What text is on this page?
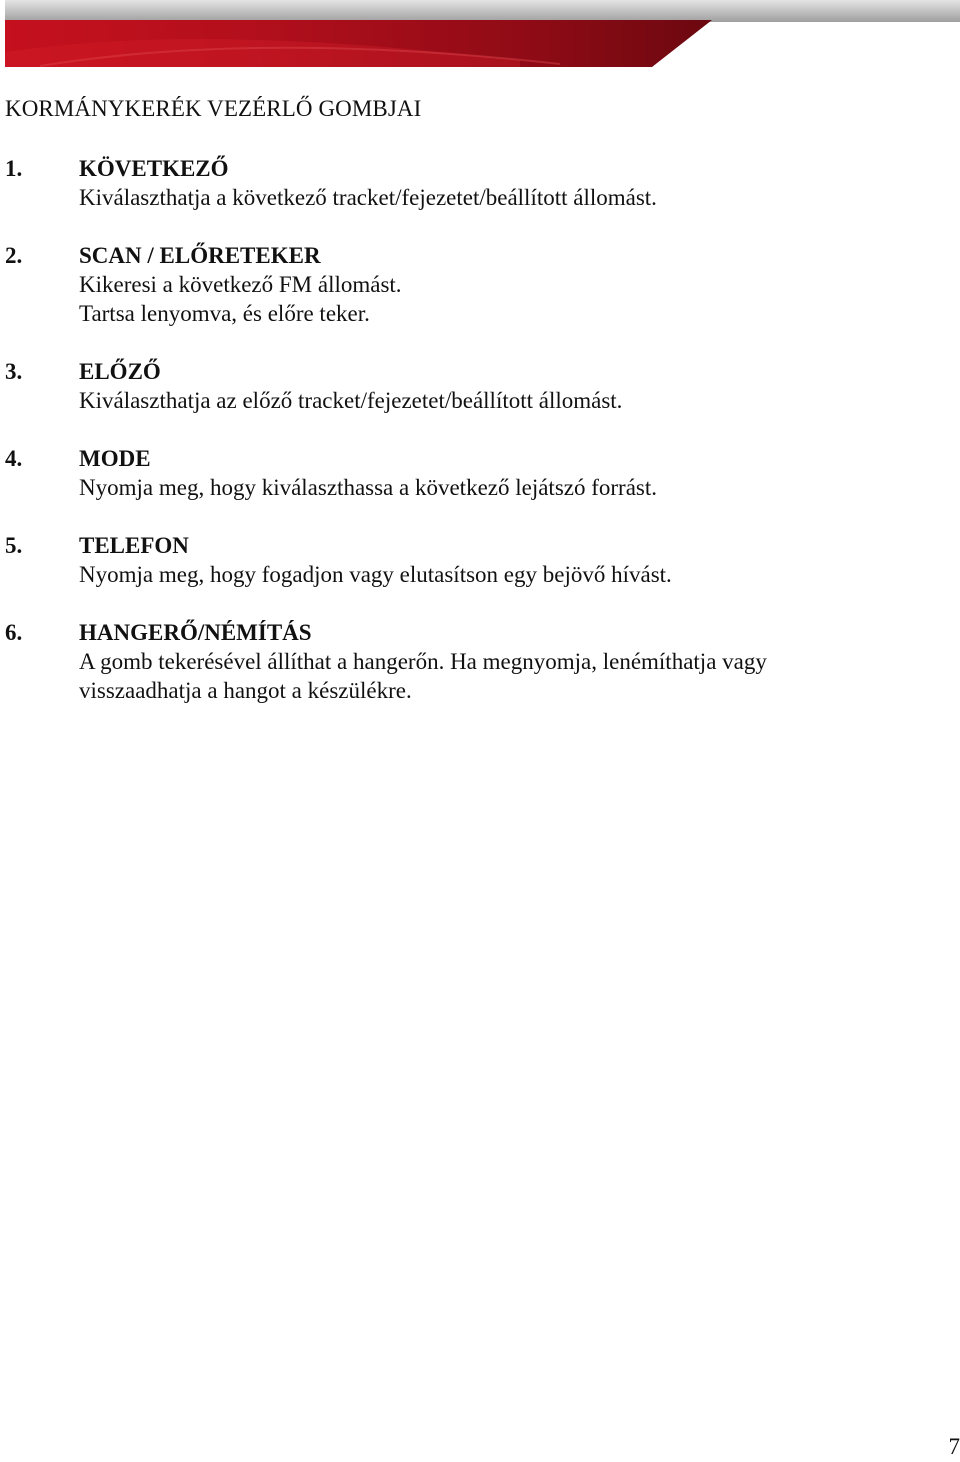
KORMÁNYKERÉK VEZÉRLŐ GOMBJAI
1. KÖVETKEZŐ
Kiválaszthatja a következő tracket/fejezetet/beállított állomást.
2. SCAN / ELŐRETEKER
Kikeresi a következő FM állomást.
Tartsa lenyomva, és előre teker.
3. ELŐZŐ
Kiválaszthatja az előző tracket/fejezetet/beállított állomást.
4. MODE
Nyomja meg, hogy kiválaszthassa a következő lejátszó forrást.
5. TELEFON
Nyomja meg, hogy fogadjon vagy elutasítson egy bejövő hívást.
6. HANGERŐ/NÉMÍTÁS
A gomb tekerésével állíthat a hangerőn. Ha megnyomja, lenémíthatja vagy
visszaadhatja a hangot a készülékre.
7
